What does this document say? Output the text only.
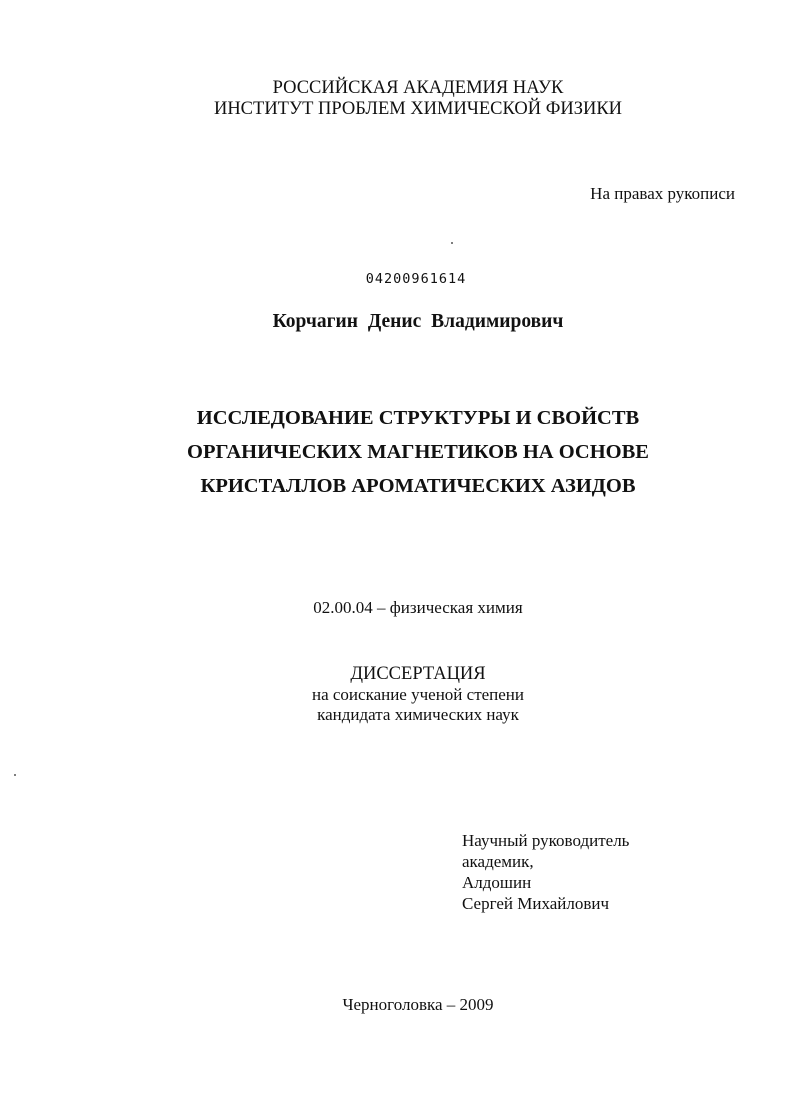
РОССИЙСКАЯ АКАДЕМИЯ НАУК
ИНСТИТУТ ПРОБЛЕМ ХИМИЧЕСКОЙ ФИЗИКИ
На правах рукописи
04200961614
Корчагин Денис Владимирович
ИССЛЕДОВАНИЕ СТРУКТУРЫ И СВОЙСТВ
ОРГАНИЧЕСКИХ МАГНЕТИКОВ НА ОСНОВЕ
КРИСТАЛЛОВ АРОМАТИЧЕСКИХ АЗИДОВ
02.00.04 – физическая химия
ДИССЕРТАЦИЯ
на соискание ученой степени
кандидата химических наук
Научный руководитель
академик,
Алдошин
Сергей Михайлович
Черноголовка – 2009
